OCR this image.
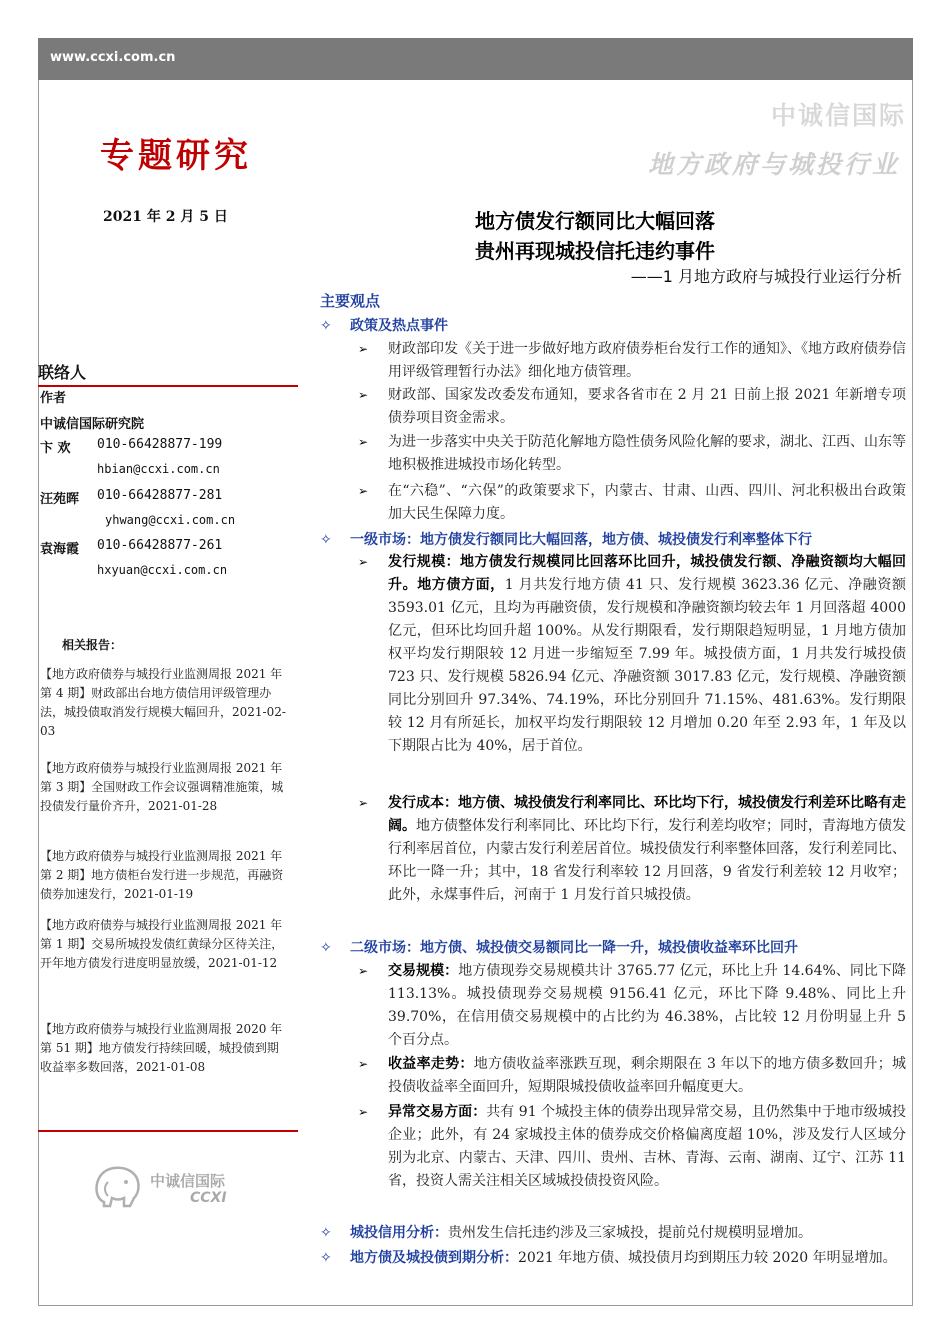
www.ccxi.com.cn
中诚信国际
地方政府与城投行业
专题研究
2021 年 2 月 5 日	地方债发行额同比大幅回落
贵州再现城投信托违约事件
——1 月地方政府与城投行业运行分析
联络人
作者
中诚信国际研究院
卞 欢 010-66428877-199
hbian@ccxi.com.cn
汪苑晖 010-66428877-281
yhwang@ccxi.com.cn
袁海霞 010-66428877-261
hxyuan@ccxi.com.cn
相关报告：
【地方政府债券与城投行业监测周报 2021 年第 4 期】财政部出台地方债信用评级管理办法，城投债取消发行规模大幅回升，2021-02-03
【地方政府债券与城投行业监测周报 2021 年第 3 期】全国财政工作会议强调精准施策，城投债发行量价齐升，2021-01-28
【地方政府债券与城投行业监测周报 2021 年第 2 期】地方债柜台发行进一步规范，再融资债券加速发行，2021-01-19
【地方政府债券与城投行业监测周报 2021 年第 1 期】交易所城投发债红黄绿分区待关注，开年地方债发行进度明显放缓，2021-01-12
【地方政府债券与城投行业监测周报 2020 年第 51 期】地方债发行持续回暖，城投债到期收益率多数回落，2021-01-08
中诚信国际
CCXI
主要观点
✧ 政策及热点事件
➢	财政部印发《关于进一步做好地方政府债券柜台发行工作的通知》、《地方政府债券信用评级管理暂行办法》细化地方债管理。
➢	财政部、国家发改委发布通知，要求各省市在 2 月 21 日前上报 2021 年新增专项债券项目资金需求。
➢	为进一步落实中央关于防范化解地方隐性债务风险化解的要求，湖北、江西、山东等地积极推进城投市场化转型。
➢	在“六稳”、“六保”的政策要求下，内蒙古、甘肃、山西、四川、河北积极出台政策加大民生保障力度。
✧ 一级市场：地方债发行额同比大幅回落，地方债、城投债发行利率整体下行
➢	发行规模：地方债发行规模同比回落环比回升，城投债发行额、净融资额均大幅回升。地方债方面，1 月共发行地方债 41 只、发行规模 3623.36 亿元、净融资额 3593.01 亿元，且均为再融资债，发行规模和净融资额均较去年 1 月回落超 4000 亿元，但环比均回升超 100%。从发行期限看，发行期限趋短明显，1 月地方债加权平均发行期限较 12 月进一步缩短至 7.99 年。城投债方面，1 月共发行城投债 723 只、发行规模 5826.94 亿元、净融资额 3017.83 亿元，发行规模、净融资额同比分别回升 97.34%、74.19%，环比分别回升 71.15%、481.63%。发行期限较 12 月有所延长，加权平均发行期限较 12 月增加 0.20 年至 2.93 年，1 年及以下期限占比为 40%，居于首位。
➢	发行成本：地方债、城投债发行利率同比、环比均下行，城投债发行利差环比略有走阔。地方债整体发行利率同比、环比均下行，发行利差均收窄；同时，青海地方债发行利率居首位，内蒙古发行利差居首位。城投债发行利率整体回落，发行利差同比、环比一降一升；其中，18 省发行利率较 12 月回落，9 省发行利差较 12 月收窄；此外，永煤事件后，河南于 1 月发行首只城投债。
✧ 二级市场：地方债、城投债交易额同比一降一升，城投债收益率环比回升
➢	交易规模：地方债现券交易规模共计 3765.77 亿元，环比上升 14.64%、同比下降 113.13%。城投债现券交易规模 9156.41 亿元，环比下降 9.48%、同比上升 39.70%，在信用债交易规模中的占比约为 46.38%，占比较 12 月份明显上升 5 个百分点。
➢	收益率走势：地方债收益率涨跌互现，剩余期限在 3 年以下的地方债多数回升；城投债收益率全面回升，短期限城投债收益率回升幅度更大。
➢	异常交易方面：共有 91 个城投主体的债券出现异常交易，且仍然集中于地市级城投企业；此外，有 24 家城投主体的债券成交价格偏离度超 10%，涉及发行人区域分别为北京、内蒙古、天津、四川、贵州、吉林、青海、云南、湖南、辽宁、江苏 11 省，投资人需关注相关区域城投债投资风险。
✧ 城投信用分析：贵州发生信托违约涉及三家城投，提前兑付规模明显增加。
✧ 地方债及城投债到期分析：2021 年地方债、城投债月均到期压力较 2020 年明显增加。
